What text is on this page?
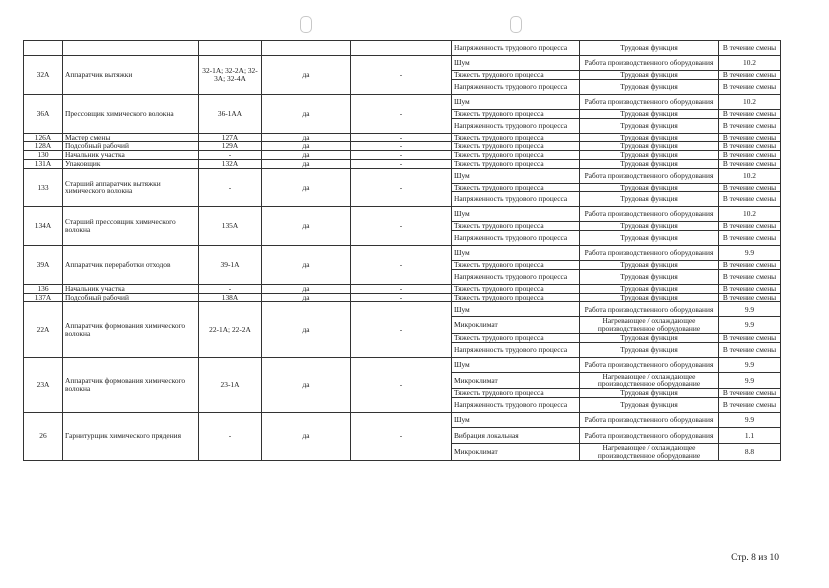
					Напряженность трудового процесса	Трудовая функция	В течение смены
32А	Аппаратчик вытяжки	32-1А; 32-2А; 32-3А; 32-4А	да	-	Шум	Работа производственного оборудования	10.2
					Тяжесть трудового процесса	Трудовая функция	В течение смены
					Напряженность трудового процесса	Трудовая функция	В течение смены
36А	Прессовщик химического волокна	36-1АА	да	-	Шум	Работа производственного оборудования	10.2
					Тяжесть трудового процесса	Трудовая функция	В течение смены
					Напряженность трудового процесса	Трудовая функция	В течение смены
126А	Мастер смены	127А	да	-	Тяжесть трудового процесса	Трудовая функция	В течение смены
128А	Подсобный рабочий	129А	да	-	Тяжесть трудового процесса	Трудовая функция	В течение смены
130	Начальник участка	-	да	-	Тяжесть трудового процесса	Трудовая функция	В течение смены
131А	Упаковщик	132А	да	-	Тяжесть трудового процесса	Трудовая функция	В течение смены
133	Старший аппаратчик вытяжки химического волокна	-	да	-	Шум	Работа производственного оборудования	10.2
					Тяжесть трудового процесса	Трудовая функция	В течение смены
					Напряженность трудового процесса	Трудовая функция	В течение смены
134А	Старший прессовщик химического волокна	135А	да	-	Шум	Работа производственного оборудования	10.2
					Тяжесть трудового процесса	Трудовая функция	В течение смены
					Напряженность трудового процесса	Трудовая функция	В течение смены
39А	Аппаратчик переработки отходов	39-1А	да	-	Шум	Работа производственного оборудования	9.9
					Тяжесть трудового процесса	Трудовая функция	В течение смены
					Напряженность трудового процесса	Трудовая функция	В течение смены
136	Начальник участка	-	да	-	Тяжесть трудового процесса	Трудовая функция	В течение смены
137А	Подсобный рабочий	138А	да	-	Тяжесть трудового процесса	Трудовая функция	В течение смены
22А	Аппаратчик формования химического волокна	22-1А; 22-2А	да	-	Шум	Работа производственного оборудования	9.9
					Микроклимат	Нагревающее / охлаждающее производственное оборудование	9.9
					Тяжесть трудового процесса	Трудовая функция	В течение смены
					Напряженность трудового процесса	Трудовая функция	В течение смены
23А	Аппаратчик формования химического волокна	23-1А	да	-	Шум	Работа производственного оборудования	9.9
					Микроклимат	Нагревающее / охлаждающее производственное оборудование	9.9
					Тяжесть трудового процесса	Трудовая функция	В течение смены
					Напряженность трудового процесса	Трудовая функция	В течение смены
26	Гарнитурщик химического прядения	-	да	-	Шум	Работа производственного оборудования	9.9
					Вибрация локальная	Работа производственного оборудования	1.1
					Микроклимат	Нагревающее / охлаждающее производственное оборудование	8.8
Стр. 8 из 10
